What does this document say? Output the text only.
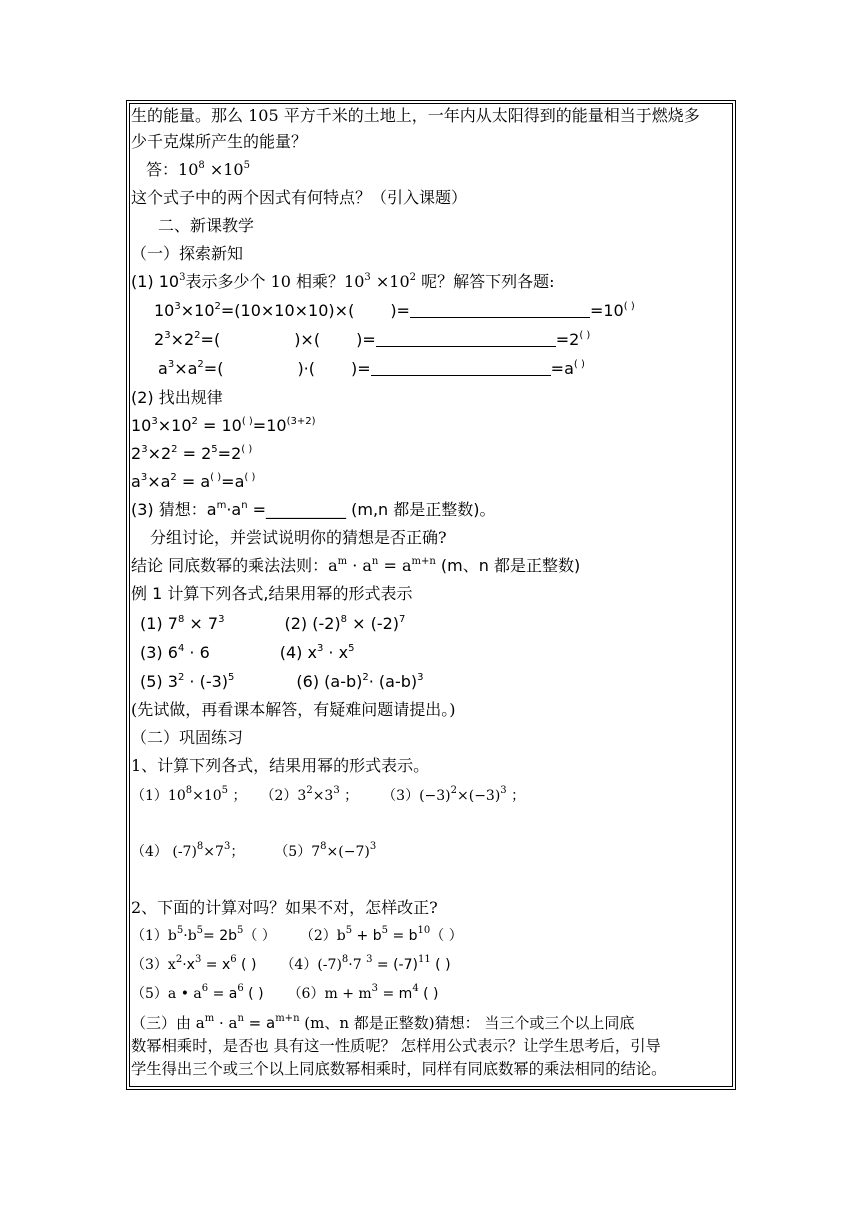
生的能量。那么 105 平方千米的土地上，一年内从太阳得到的能量相当于燃烧多
少千克煤所产生的能量？
答：$10^8 \times 10^5$
这个式子中的两个因式有何特点？（引入课题）
二、新课教学
（一）探索新知
(1) $10^3$表示多少个 10 相乘？$10^3 \times 10^2$ 呢？解答下列各题:
$10^3\times 10^2=(10\times 10\times 10)\times$( )=	=10( )
$2^3\times 2^2=$(	)×( )=	=2( )
$a^3\times a^2=$(	)·( )=	=a( )
(2) 找出规律
$10^3\times 10^2 = 10^{( )}=10^{(3+2)}$
$2^3\times 2^2 = 2^5=2^{( )}$
$a^3\times a^2 = a^{( )}=a^{( )}$
(3) 猜想：$a^m\cdot a^n$ =__________ (m,n 都是正整数)。
分组讨论，并尝试说明你的猜想是否正确?
结论 同底数幂的乘法法则：$a^m \cdot a^n = a^{m+n}$ (m、n 都是正整数)
例 1 计算下列各式,结果用幂的形式表示
(1) $7^8 \times 7^3$	(2) $(-2)^8 \times (-2)^7$
(3) $6^4 \cdot 6$	(4) $x^3 \cdot x^5$
(5) $3^2 \cdot (-3)^5$	(6) $(a-b)^2\cdot (a-b)^3$
(先试做，再看课本解答，有疑难问题请提出。)
（二）巩固练习
1、计算下列各式，结果用幂的形式表示。
$(1)10^8\times 10^5$ ； $(2)3^2\times 3^3$ ； $(3)(-3)^2\times(-3)^3$ ；
（4） $(-7)^8\times 7^3$； $(5)7^8\times(-7)^3$
2、下面的计算对吗？如果不对，怎样改正?
$(1)b^5\cdot b^5= 2b^5$（ ） $(2)b^5 + b^5 = b^{10}$（ ）
$(3)x^2\cdot x^3 = x^6$ ( ) $(4)(-7)^8\cdot 7$ $^3 = (-7)^{11}$ ( )
（5）a • $a^6 = a^6$ ( ) $(6)m + m^3 = m^4$ ( )
（三）由 $a^m \cdot a^n = a^{m+n}$ (m、n 都是正整数)猜想： 当三个或三个以上同底
数幂相乘时，是否也 具有这一性质呢？ 怎样用公式表示？让学生思考后，引导
学生得出三个或三个以上同底数幂相乘时，同样有同底数幂的乘法相同的结论。
